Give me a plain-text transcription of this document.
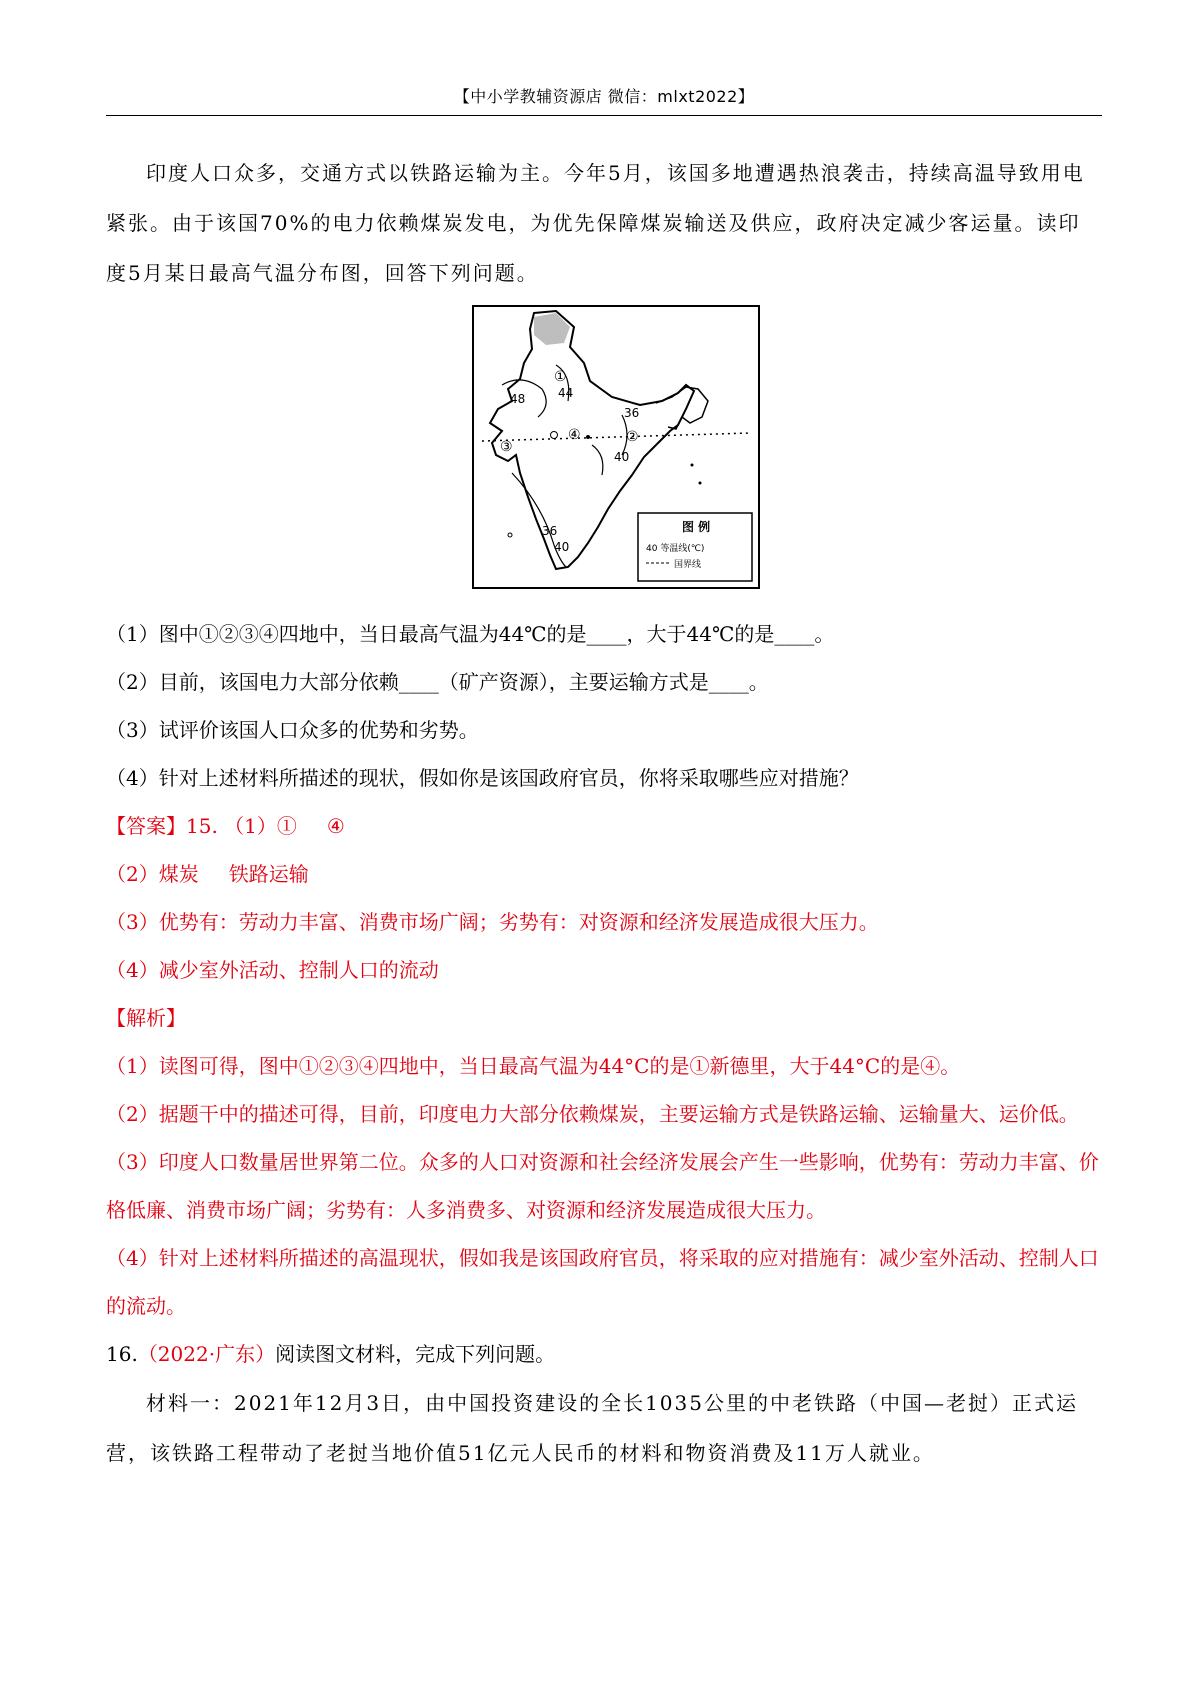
【中小学教辅资源店 微信：mlxt2022】

印度人口众多，交通方式以铁路运输为主。今年5月，该国多地遭遇热浪袭击，持续高温导致用电紧张。由于该国70%的电力依赖煤炭发电，为优先保障煤炭输送及供应，政府决定减少客运量。读印度5月某日最高气温分布图，回答下列问题。

48	44
36
40
36
40
①
②
③
④
图 例
40 等温线(℃)
国界线

（1）图中①②③④四地中，当日最高气温为44℃的是____，大于44℃的是____。

（2）目前，该国电力大部分依赖____（矿产资源），主要运输方式是____。

（3）试评价该国人口众多的优势和劣势。

（4）针对上述材料所描述的现状，假如你是该国政府官员，你将采取哪些应对措施？

【答案】15. （1）① ④

（2）煤炭 铁路运输

（3）优势有：劳动力丰富、消费市场广阔；劣势有：对资源和经济发展造成很大压力。

（4）减少室外活动、控制人口的流动

【解析】

（1）读图可得，图中①②③④四地中，当日最高气温为44°C的是①新德里，大于44°C的是④。

（2）据题干中的描述可得，目前，印度电力大部分依赖煤炭，主要运输方式是铁路运输、运输量大、运价低。

（3）印度人口数量居世界第二位。众多的人口对资源和社会经济发展会产生一些影响，优势有：劳动力丰富、价格低廉、消费市场广阔；劣势有：人多消费多、对资源和经济发展造成很大压力。

（4）针对上述材料所描述的高温现状，假如我是该国政府官员，将采取的应对措施有：减少室外活动、控制人口的流动。

16.（2022·广东）阅读图文材料，完成下列问题。

材料一：2021年12月3日，由中国投资建设的全长1035公里的中老铁路（中国—老挝）正式运营，该铁路工程带动了老挝当地价值51亿元人民币的材料和物资消费及11万人就业。
